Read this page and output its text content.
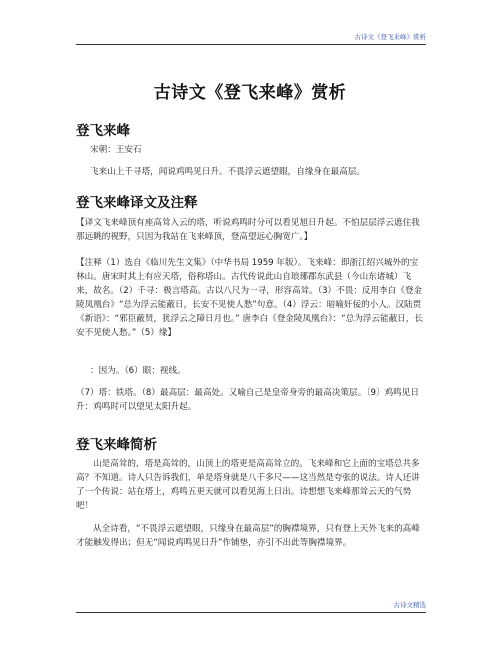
古诗文《登飞来峰》赏析
古诗文《登飞来峰》赏析
登飞来峰
宋朝：王安石
飞来山上千寻塔，闻说鸡鸣见日升。不畏浮云遮望眼，自缘身在最高层。
登飞来峰译文及注释
【译文飞来峰顶有座高耸入云的塔，听说鸡鸣时分可以看见旭日升起。不怕层层浮云遮住我那远眺的视野，只因为我站在飞来峰顶，登高望远心胸宽广。】
【注释（1）选自《临川先生文集》（中华书局 1959 年版）。飞来峰：即浙江绍兴城外的宝林山。唐宋时其上有应天塔，俗称塔山。古代传说此山自琅琊郡东武县（今山东诸城）飞来，故名。（2）千寻：极言塔高。古以八尺为一寻，形容高耸。（3）不畏：反用李白《登金陵凤凰台》“总为浮云能蔽日，长安不见使人愁”句意。（4）浮云：暗喻奸佞的小人。汉陆贾《新语》：“邪臣蔽贤，犹浮云之障日月也。” 唐李白《登金陵凤凰台》：“总为浮云能蔽日，长安不见使人愁。”（5）缘】
：因为。（6）眼：视线。
（7）塔：铁塔。（8）最高层：最高处。又喻自己是皇帝身旁的最高决策层。〔9〕鸡鸣见日升：鸡鸣时可以望见太阳升起。
登飞来峰简析
山是高耸的，塔是高耸的，山顶上的塔更是高高耸立的。飞来峰和它上面的宝塔总共多高？不知道。诗人只告诉我们，单是塔身就是八千多尺——这当然是夸张的说法。诗人还讲了一个传说：站在塔上，鸡鸣五更天就可以看见海上日出。诗想想飞来峰那耸云天的气势吧！
从全诗看，“不畏浮云遮望眼，只缘身在最高层”的胸襟境界，只有登上天外飞来的高峰才能触发得出；但无“闻说鸡鸣见日升”作铺垫，亦引不出此等胸襟境界。
古诗文精选
